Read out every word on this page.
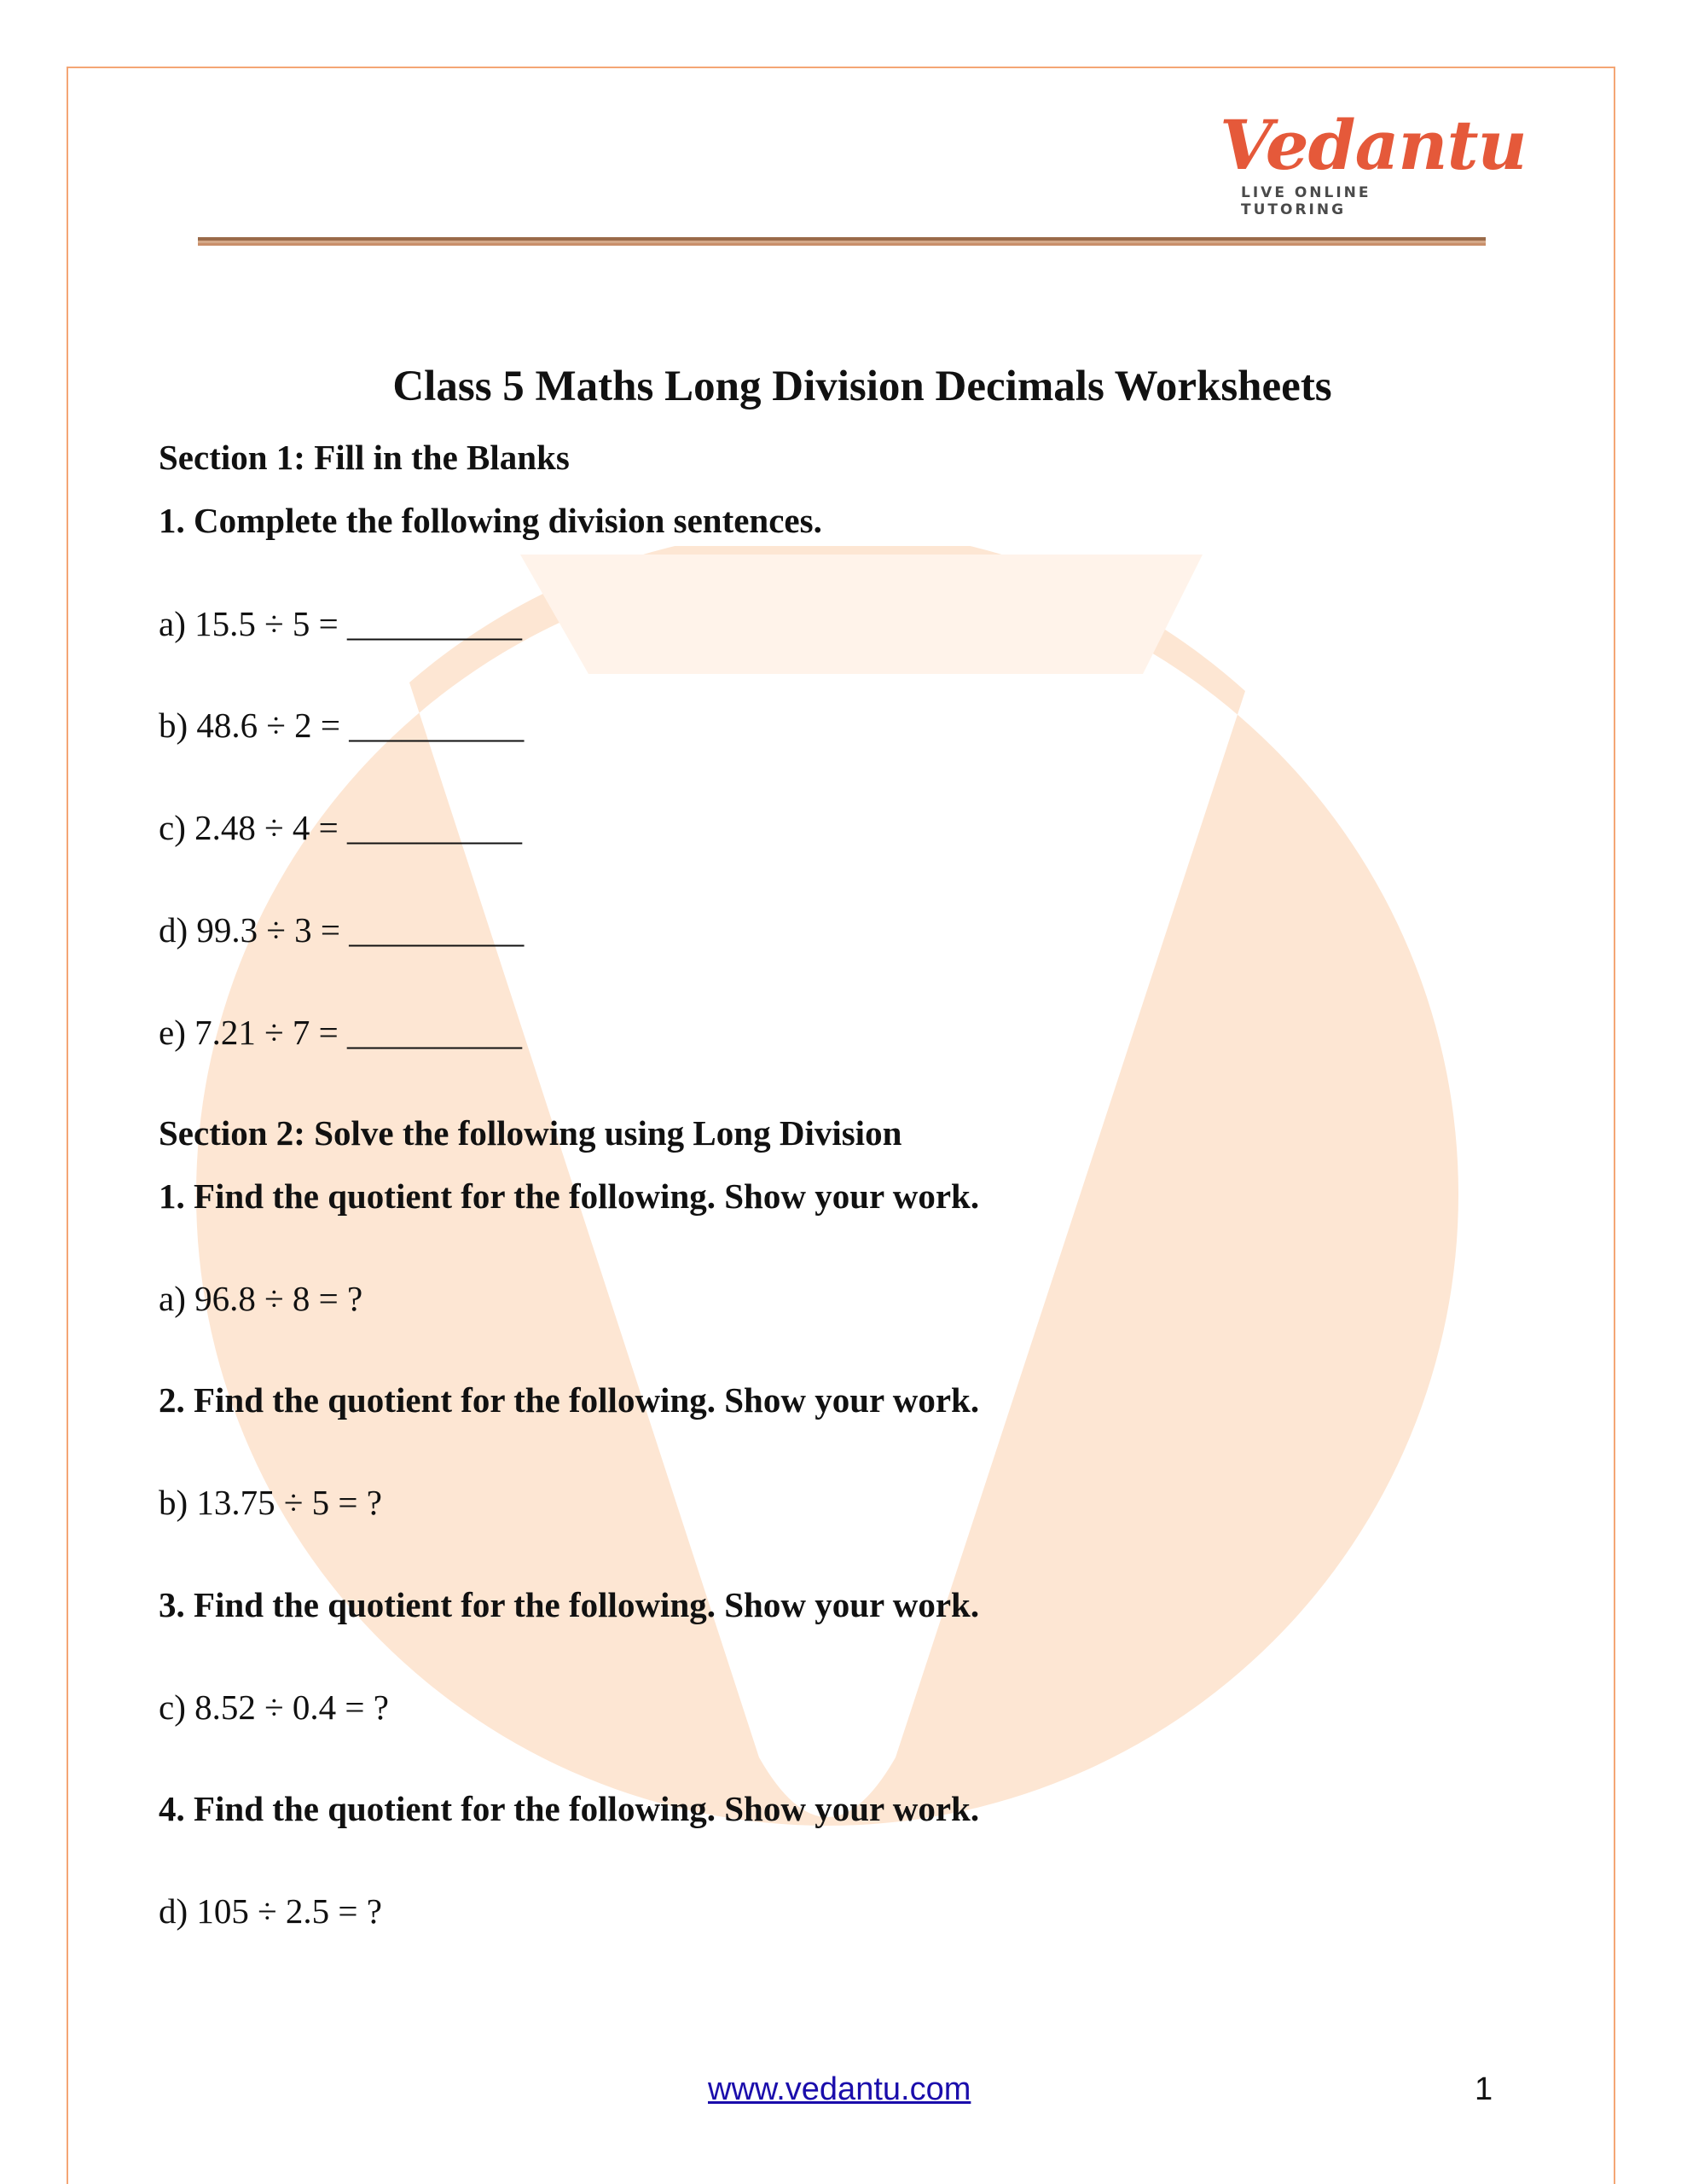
Vedantu
LIVE ONLINE TUTORING
Class 5 Maths Long Division Decimals Worksheets
Section 1: Fill in the Blanks
1. Complete the following division sentences.
a) 15.5 ÷ 5 = __________
b) 48.6 ÷ 2 = __________
c) 2.48 ÷ 4 = __________
d) 99.3 ÷ 3 = __________
e) 7.21 ÷ 7 = __________
Section 2: Solve the following using Long Division
1. Find the quotient for the following. Show your work.
a) 96.8 ÷ 8 = ?
2. Find the quotient for the following. Show your work.
b) 13.75 ÷ 5 = ?
3. Find the quotient for the following. Show your work.
c) 8.52 ÷ 0.4 = ?
4. Find the quotient for the following. Show your work.
d) 105 ÷ 2.5 = ?
www.vedantu.com	1
